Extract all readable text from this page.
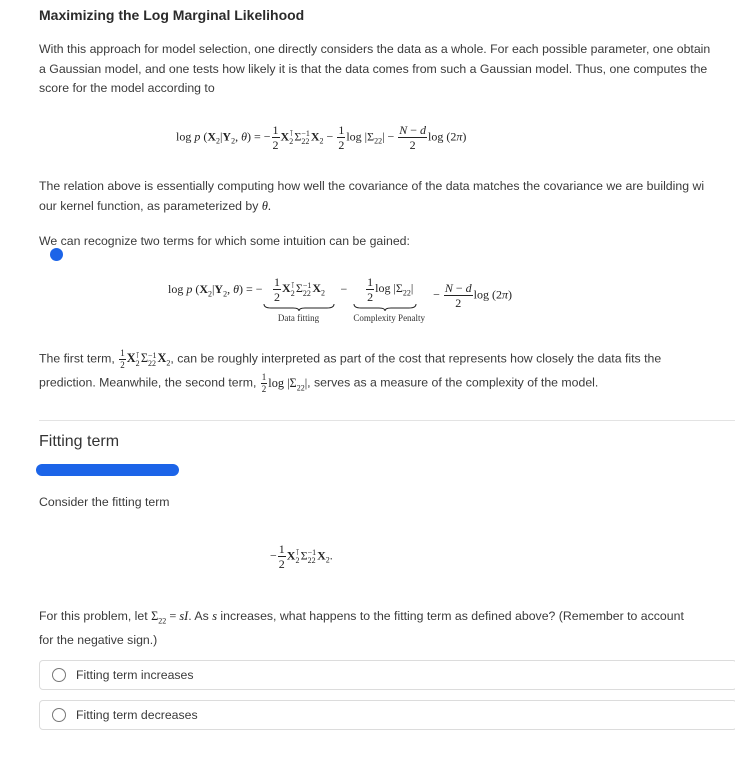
Maximizing the Log Marginal Likelihood
With this approach for model selection, one directly considers the data as a whole. For each possible parameter, one obtain
a Gaussian model, and one tests how likely it is that the data comes from such a Gaussian model. Thus, one computes the
score for the model according to
log p ($X_2|Y_2$, θ) = − $\frac{1}{2}$ X ⊺
2 Σ −1
22 $X_2 - \frac{1}{2}$ $\log |\Sigma_{22}| - \frac{N - d}{2}$ log (2π)
The relation above is essentially computing how well the covariance of the data matches the covariance we are building wi
our kernel function, as parameterized by θ.
We can recognize two terms for which some intuition can be gained:
log p ($X_2|Y_2$, θ) = − $\frac{1}{2}$ X ⊺
2 Σ −1
22 $X_2$
Data fitting
− $\frac{1}{2}$ $\log |\Sigma_{22}|$
Complexity Penalty
− $\frac{N - d}{2}$ log (2π)
The first term, $\frac{1}{2}$ X ⊺
2 Σ −1
22 $X_2$, can be roughly interpreted as part of the cost that represents how closely the data fits the
prediction. Meanwhile, the second term, $\frac{1}{2}$ $\log |\Sigma_{22}|$, serves as a measure of the complexity of the model.
Fitting term
Consider the fitting term
− $\frac{1}{2}$ X ⊺
2 Σ −1
22 $X_2$.
For this problem, let $\Sigma_{22}$ = sI. As s increases, what happens to the fitting term as defined above? (Remember to account
for the negative sign.)
Fitting term increases
Fitting term decreases
